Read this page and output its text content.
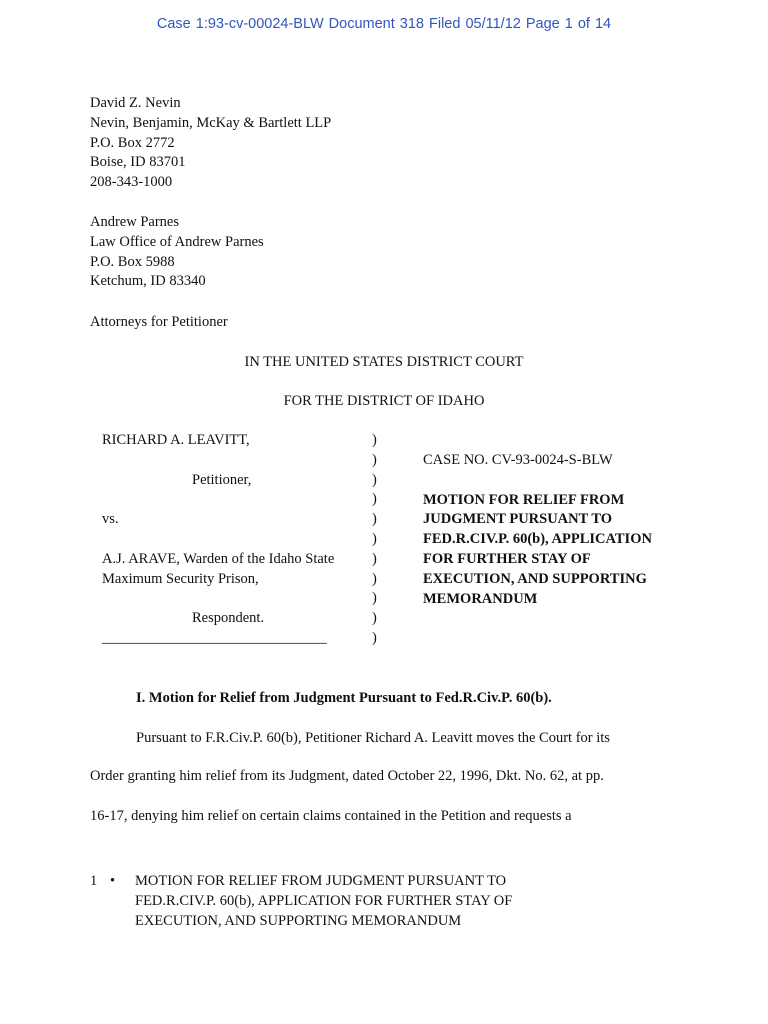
Case 1:93-cv-00024-BLW Document 318 Filed 05/11/12 Page 1 of 14
David Z. Nevin
Nevin, Benjamin, McKay & Bartlett LLP
P.O. Box 2772
Boise, ID 83701
208-343-1000
Andrew Parnes
Law Office of Andrew Parnes
P.O. Box 5988
Ketchum, ID 83340
Attorneys for Petitioner
IN THE UNITED STATES DISTRICT COURT
FOR THE DISTRICT OF IDAHO
RICHARD A. LEAVITT,

Petitioner,

vs.

A.J. ARAVE, Warden of the Idaho State
Maximum Security Prison,

Respondent.
_______________________________
)
)
)
)
)
)
)
)
)
)
)
CASE NO. CV-93-0024-S-BLW
MOTION FOR RELIEF FROM
JUDGMENT PURSUANT TO
FED.R.CIV.P. 60(b), APPLICATION
FOR FURTHER STAY OF
EXECUTION, AND SUPPORTING
MEMORANDUM
I. Motion for Relief from Judgment Pursuant to Fed.R.Civ.P. 60(b).
Pursuant to F.R.Civ.P. 60(b), Petitioner Richard A. Leavitt moves the Court for its
Order granting him relief from its Judgment, dated October 22, 1996, Dkt. No. 62, at pp.
16-17, denying him relief on certain claims contained in the Petition and requests a
1 • MOTION FOR RELIEF FROM JUDGMENT PURSUANT TO
FED.R.CIV.P. 60(b), APPLICATION FOR FURTHER STAY OF
EXECUTION, AND SUPPORTING MEMORANDUM
